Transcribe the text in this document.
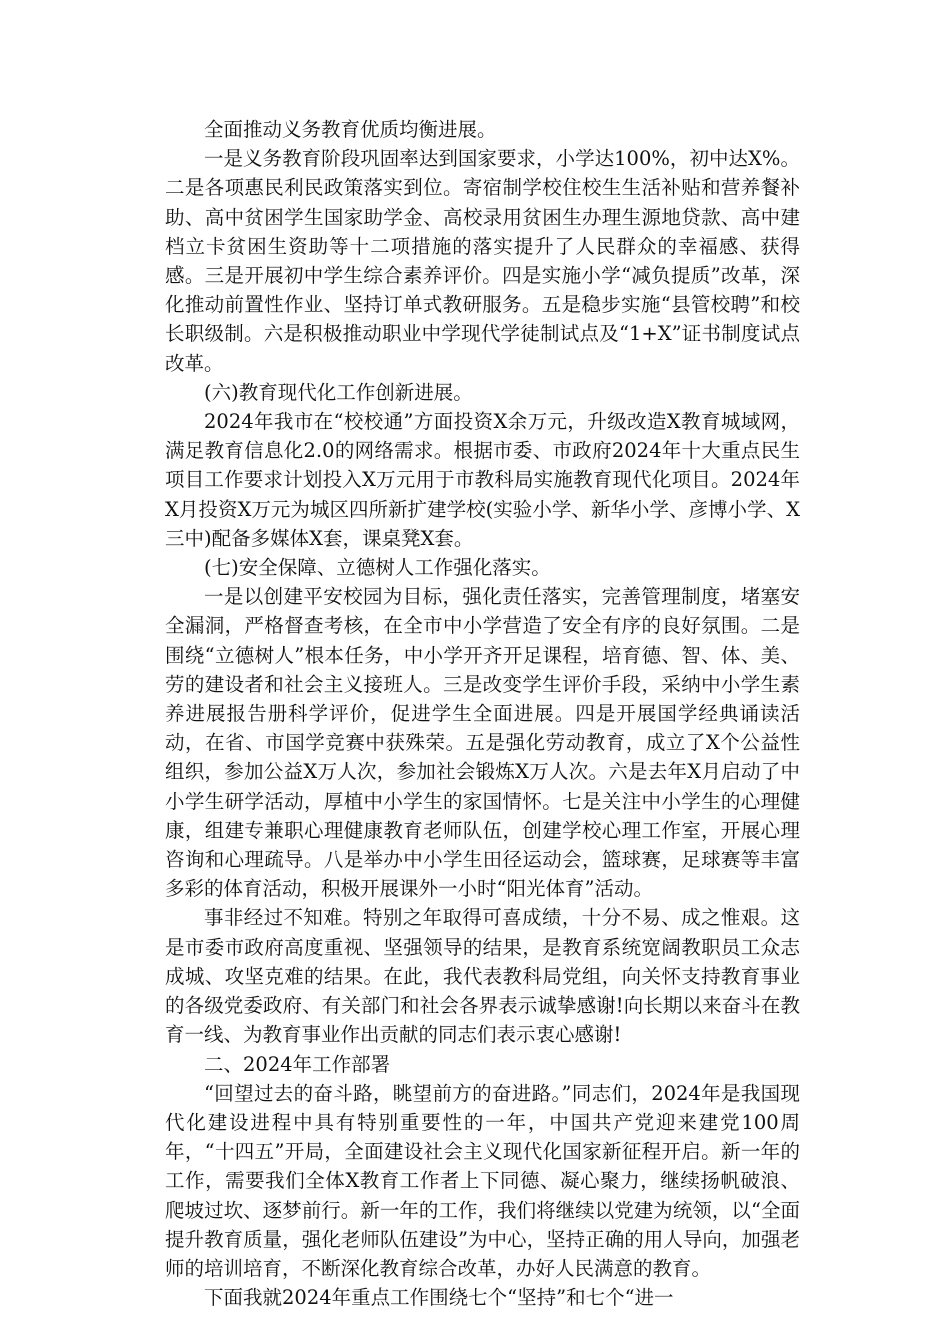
全面推动义务教育优质均衡进展。

一是义务教育阶段巩固率达到国家要求，小学达100%，初中达X%。二是各项惠民利民政策落实到位。寄宿制学校住校生生活补贴和营养餐补助、高中贫困学生国家助学金、高校录用贫困生办理生源地贷款、高中建档立卡贫困生资助等十二项措施的落实提升了人民群众的幸福感、获得感。三是开展初中学生综合素养评价。四是实施小学“减负提质”改革，深化推动前置性作业、坚持订单式教研服务。五是稳步实施“县管校聘”和校长职级制。六是积极推动职业中学现代学徒制试点及“1+X”证书制度试点改革。

(六)教育现代化工作创新进展。

2024年我市在“校校通”方面投资X余万元，升级改造X教育城域网，满足教育信息化2.0的网络需求。根据市委、市政府2024年十大重点民生项目工作要求计划投入X万元用于市教科局实施教育现代化项目。2024年X月投资X万元为城区四所新扩建学校(实验小学、新华小学、彦博小学、X三中)配备多媒体X套，课桌凳X套。

(七)安全保障、立德树人工作强化落实。

一是以创建平安校园为目标，强化责任落实，完善管理制度，堵塞安全漏洞，严格督查考核，在全市中小学营造了安全有序的良好氛围。二是围绕“立德树人”根本任务，中小学开齐开足课程，培育德、智、体、美、劳的建设者和社会主义接班人。三是改变学生评价手段，采纳中小学生素养进展报告册科学评价，促进学生全面进展。四是开展国学经典诵读活动，在省、市国学竞赛中获殊荣。五是强化劳动教育，成立了X个公益性组织，参加公益X万人次，参加社会锻炼X万人次。六是去年X月启动了中小学生研学活动，厚植中小学生的家国情怀。七是关注中小学生的心理健康，组建专兼职心理健康教育老师队伍，创建学校心理工作室，开展心理咨询和心理疏导。八是举办中小学生田径运动会，篮球赛，足球赛等丰富多彩的体育活动，积极开展课外一小时“阳光体育”活动。

事非经过不知难。特别之年取得可喜成绩，十分不易、成之惟艰。这是市委市政府高度重视、坚强领导的结果，是教育系统宽阔教职员工众志成城、攻坚克难的结果。在此，我代表教科局党组，向关怀支持教育事业的各级党委政府、有关部门和社会各界表示诚挚感谢!向长期以来奋斗在教育一线、为教育事业作出贡献的同志们表示衷心感谢!

二、2024年工作部署

“回望过去的奋斗路，眺望前方的奋进路。”同志们，2024年是我国现代化建设进程中具有特别重要性的一年，中国共产党迎来建党100周年，“十四五”开局，全面建设社会主义现代化国家新征程开启。新一年的工作，需要我们全体X教育工作者上下同德、凝心聚力，继续扬帆破浪、爬坡过坎、逐梦前行。新一年的工作，我们将继续以党建为统领，以“全面提升教育质量，强化老师队伍建设”为中心，坚持正确的用人导向，加强老师的培训培育，不断深化教育综合改革，办好人民满意的教育。

下面我就2024年重点工作围绕七个“坚持”和七个“进一
